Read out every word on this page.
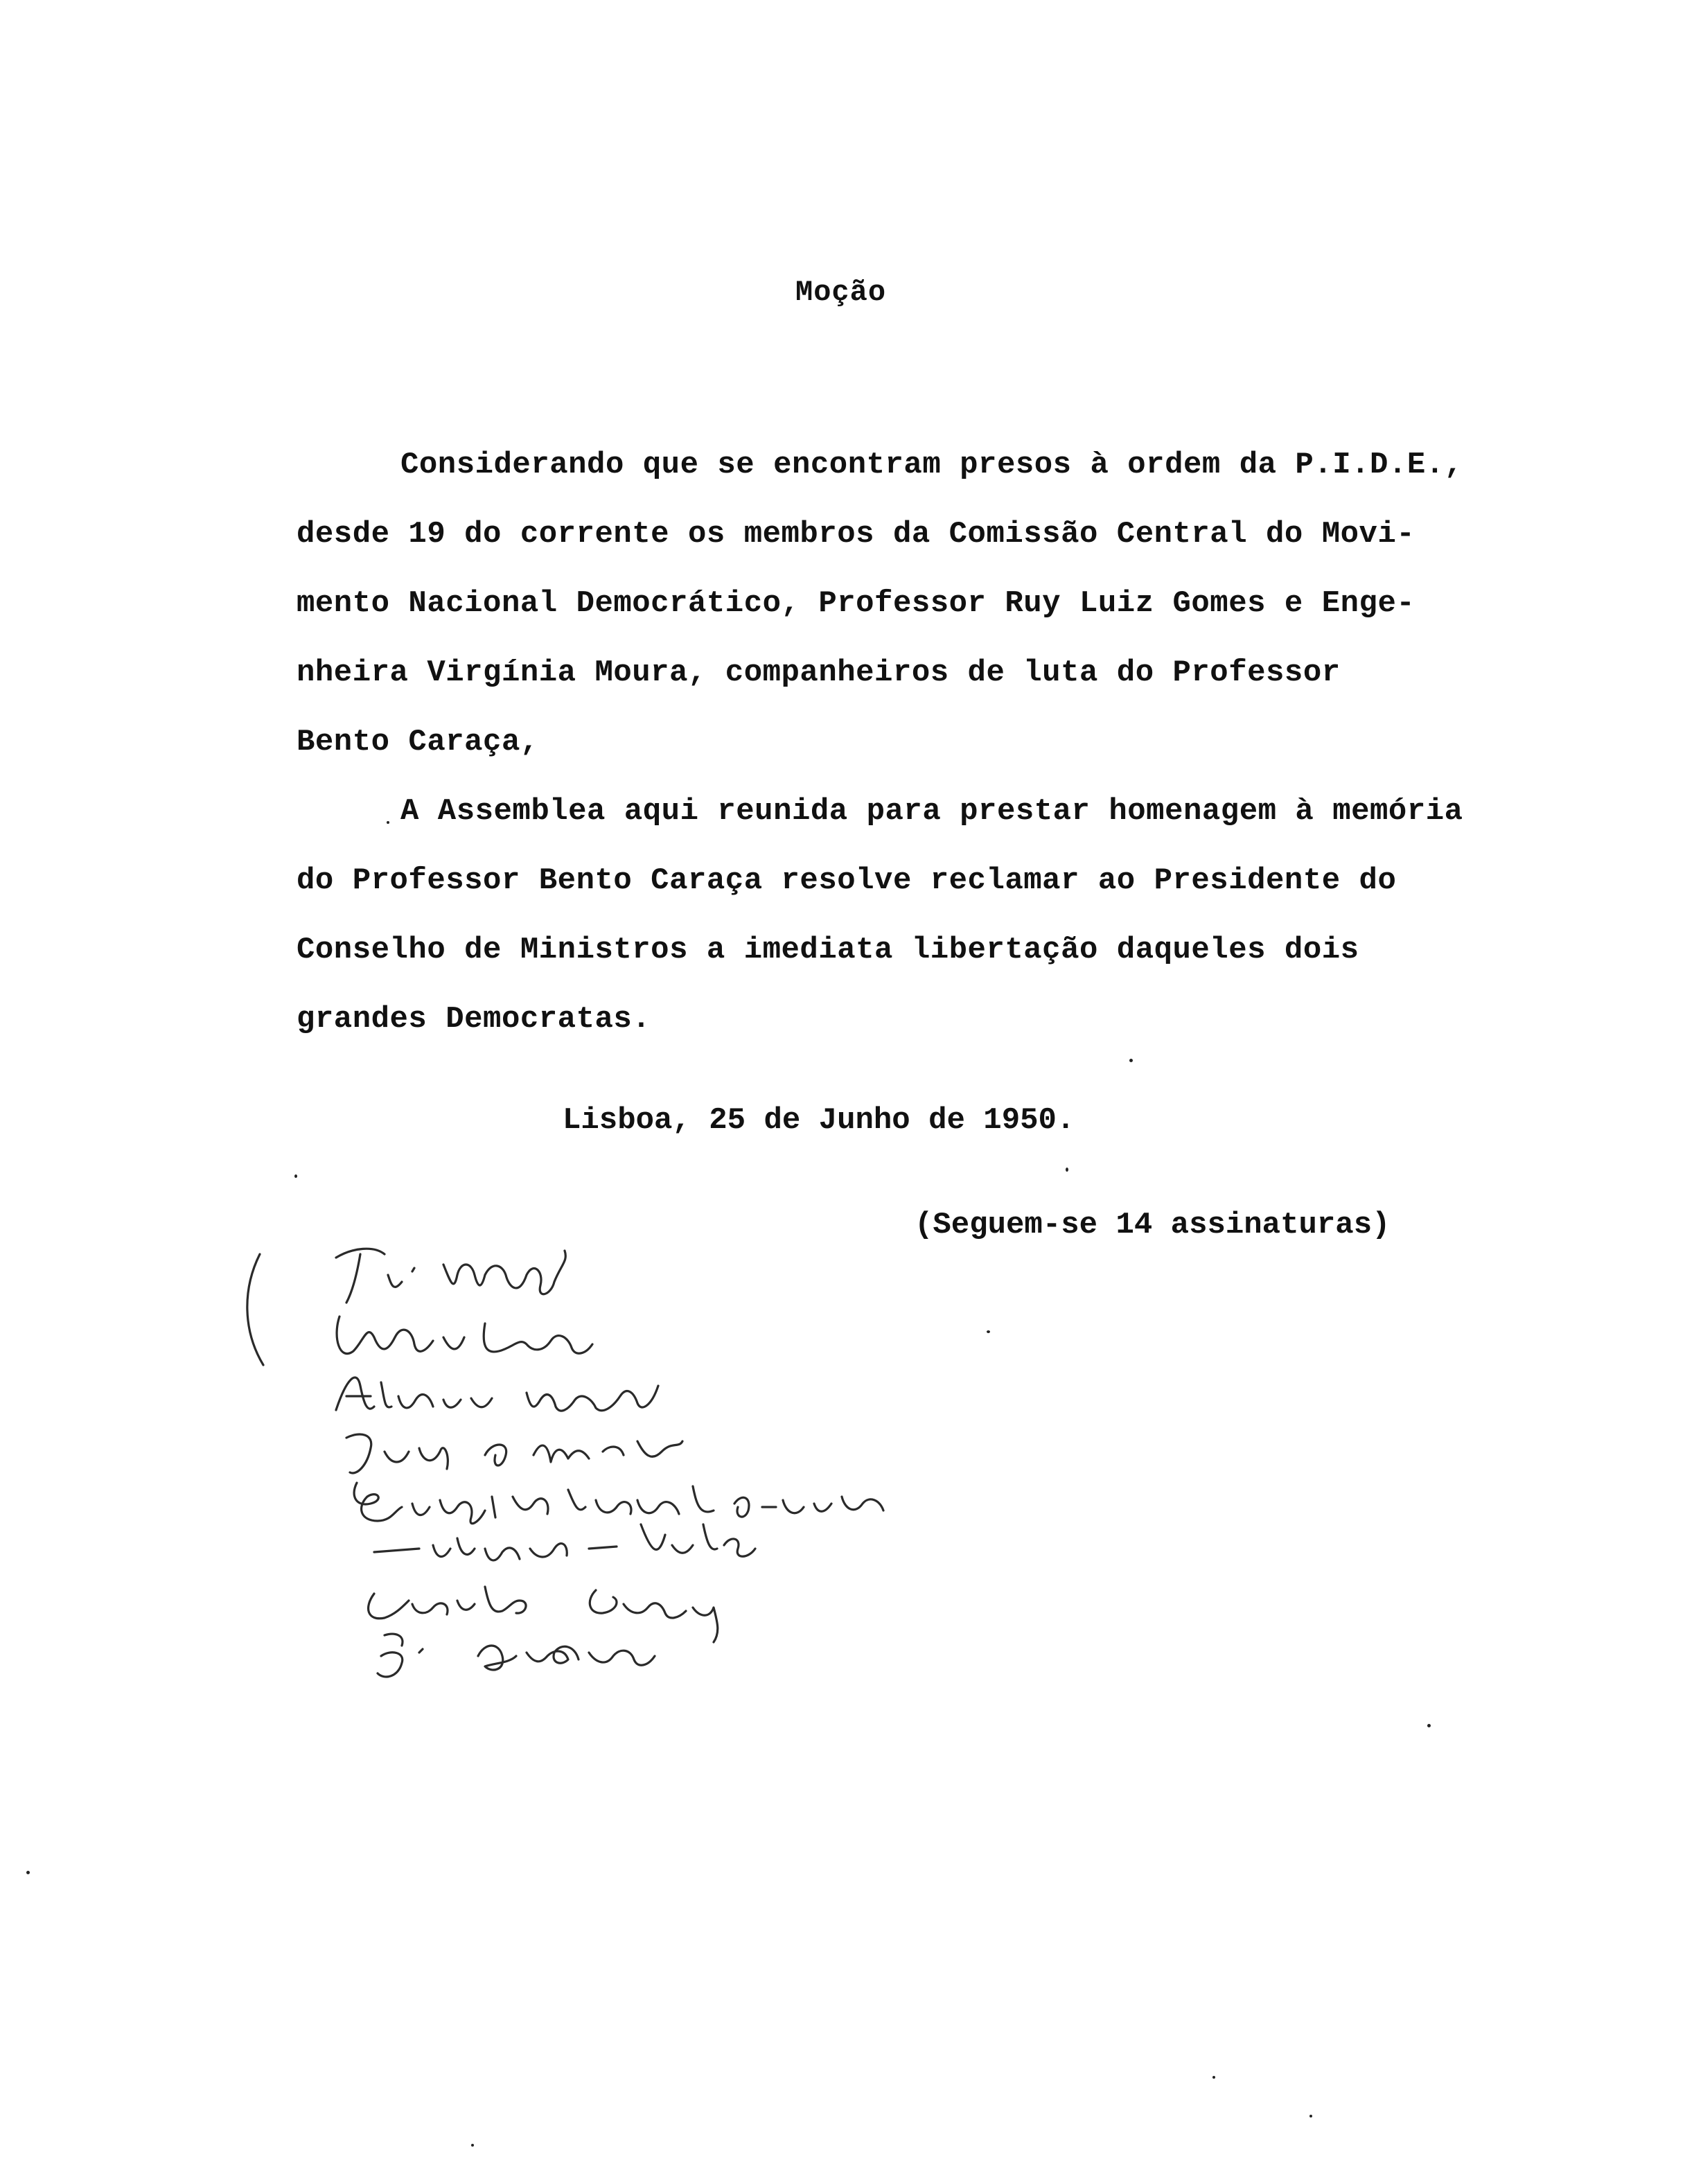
Moção
Considerando que se encontram presos à ordem da P.I.D.E.,
desde 19 do corrente os membros da Comissão Central do Movi-
mento Nacional Democrático, Professor Ruy Luiz Gomes e Enge-
nheira Virgínia Moura, companheiros de luta do Professor
Bento Caraça,
A Assemblea aqui reunida para prestar homenagem à memória
do Professor Bento Caraça resolve reclamar ao Presidente do
Conselho de Ministros a imediata libertação daqueles dois
grandes Democratas.
Lisboa, 25 de Junho de 1950.
(Seguem-se 14 assinaturas)
